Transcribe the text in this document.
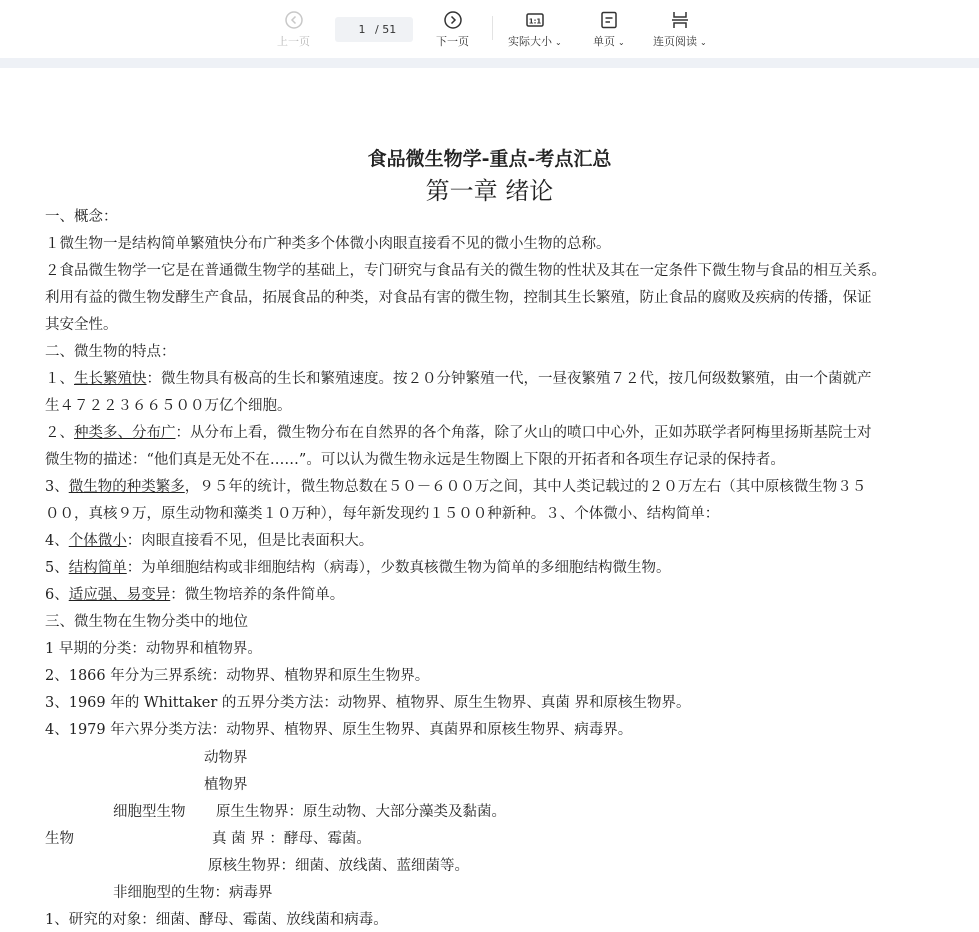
上一页
1 / 51
下一页
1:1
实际大小 ⌄	单页 ⌄	连页阅读 ⌄
食品微生物学-重点-考点汇总
第一章 绪论
一、概念：
１微生物一是结构简单繁殖快分布广种类多个体微小肉眼直接看不见的微小生物的总称。
２食品微生物学一它是在普通微生物学的基础上，专门研究与食品有关的微生物的性状及其在一定条件下微生物与食品的相互关系。
利用有益的微生物发酵生产食品，拓展食品的种类，对食品有害的微生物，控制其生长繁殖，防止食品的腐败及疾病的传播，保证
其安全性。
二、微生物的特点：
１、生长繁殖快：微生物具有极高的生长和繁殖速度。按２０分钟繁殖一代，一昼夜繁殖７２代，按几何级数繁殖，由一个菌就产
生４７２２３６６５００万亿个细胞。
２、种类多、分布广：从分布上看，微生物分布在自然界的各个角落，除了火山的喷口中心外，正如苏联学者阿梅里扬斯基院士对
微生物的描述：“他们真是无处不在……”。可以认为微生物永远是生物圈上下限的开拓者和各项生存记录的保持者。
3、微生物的种类繁多，９５年的统计，微生物总数在５０－６００万之间，其中人类记载过的２０万左右（其中原核微生物３５
００，真核９万，原生动物和藻类１０万种），每年新发现约１５００种新种。３、个体微小、结构简单：
4、个体微小：肉眼直接看不见，但是比表面积大。
5、结构简单：为单细胞结构或非细胞结构（病毒），少数真核微生物为简单的多细胞结构微生物。
6、适应强、易变异：微生物培养的条件简单。
三、微生物在生物分类中的地位
1 早期的分类：动物界和植物界。
2、1866 年分为三界系统：动物界、植物界和原生生物界。
3、1969 年的 Whittaker 的五界分类方法：动物界、植物界、原生生物界、真菌 界和原核生物界。
4、1979 年六界分类方法：动物界、植物界、原生生物界、真菌界和原核生物界、病毒界。
动物界
植物界
细胞型生物 原生生物界：原生动物、大部分藻类及黏菌。
生物	真 菌 界 ：酵母、霉菌。
原核生物界：细菌、放线菌、蓝细菌等。
非细胞型的生物：病毒界
1、研究的对象：细菌、酵母、霉菌、放线菌和病毒。
